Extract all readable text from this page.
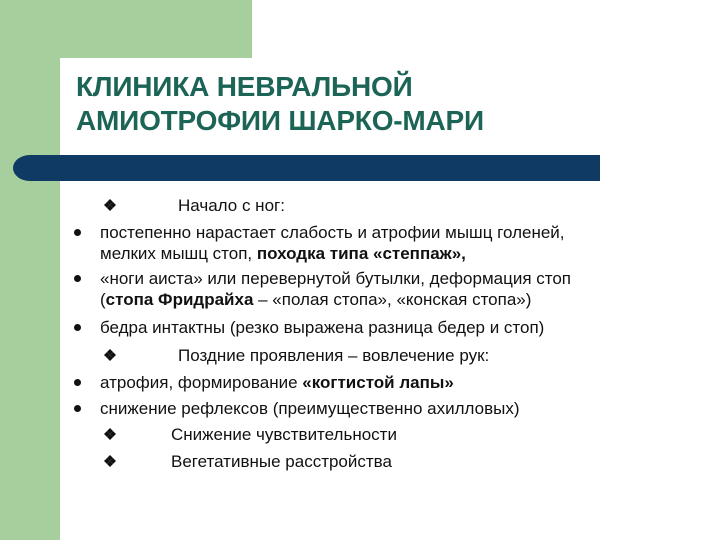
КЛИНИКА НЕВРАЛЬНОЙ
АМИОТРОФИИ ШАРКО-МАРИ
Начало с ног:
постепенно нарастает слабость и атрофии мышц голеней,
мелких мышц стоп, походка типа «степпаж»,
«ноги аиста» или перевернутой бутылки, деформация стоп
(стопа Фридрайха – «полая стопа», «конская стопа»)
бедра интактны (резко выражена разница бедер и стоп)
Поздние проявления – вовлечение рук:
атрофия, формирование «когтистой лапы»
снижение рефлексов (преимущественно ахилловых)
Снижение чувствительности
Вегетативные расстройства
